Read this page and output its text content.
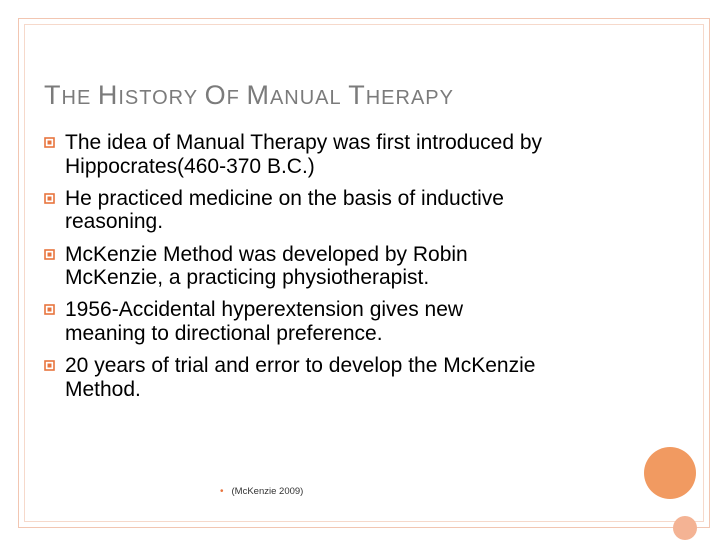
THE HISTORY OF MANUAL THERAPY
The idea of Manual Therapy was first introduced by
Hippocrates(460-370 B.C.)
He practiced medicine on the basis of inductive
reasoning.
McKenzie Method was developed by Robin
McKenzie, a practicing physiotherapist.
1956-Accidental hyperextension gives new
meaning to directional preference.
20 years of trial and error to develop the McKenzie
Method.
• (McKenzie 2009)
